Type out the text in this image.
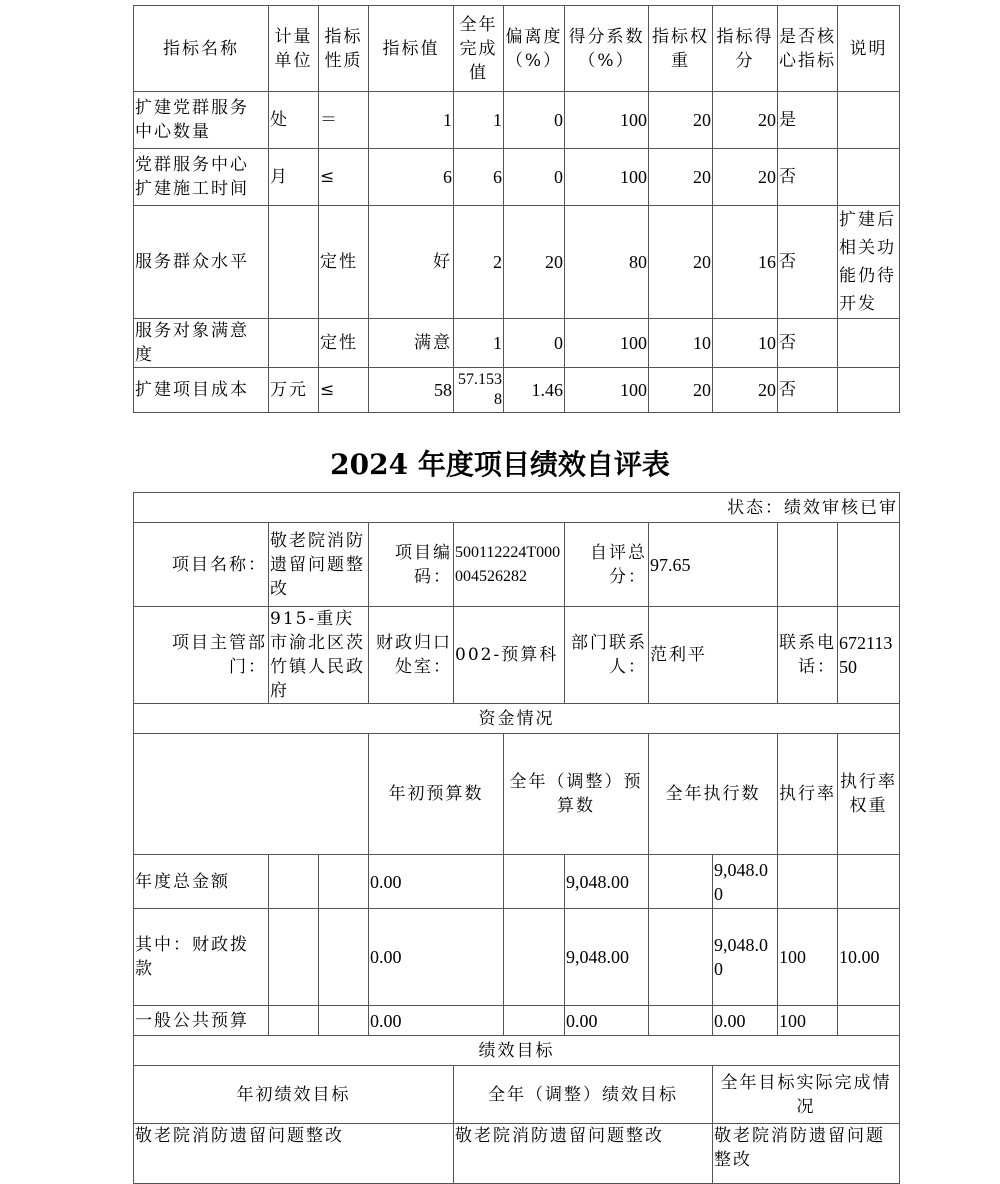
指标名称	计量单位	指标性质	指标值	全年完成值	偏离度（%）	得分系数（%）	指标权重	指标得分	是否核心指标	说明
扩建党群服务中心数量	处	＝	1	1	0	100	20	20	是	
党群服务中心扩建施工时间	月	≤	6	6	0	100	20	20	否	
服务群众水平		定性	好	2	20	80	20	16	否	扩建后相关功能仍待开发
服务对象满意度		定性	满意	1	0	100	10	10	否	
扩建项目成本	万元	≤	58	57.1538	1.46	100	20	20	否	
2024 年度项目绩效自评表
状态：绩效审核已审											
项目名称：	敬老院消防遗留问题整改		项目编码：	500112224T000004526282		自评总分：	97.65				
项目主管部门：	915-重庆市渝北区茨竹镇人民政府		财政归口处室：	002-预算科		部门联系人：	范利平		联系电话：	67211350	
资金情况											
			年初预算数		全年（调整）预算数		全年执行数		执行率	执行率权重	
年度总金额			0.00			9,048.00		9,048.00			
其中：财政拨款			0.00			9,048.00		9,048.00	100	10.00	
一般公共预算			0.00			0.00		0.00	100		
绩效目标											
年初绩效目标				全年（调整）绩效目标				全年目标实际完成情况			
敬老院消防遗留问题整改				敬老院消防遗留问题整改				敬老院消防遗留问题整改			
